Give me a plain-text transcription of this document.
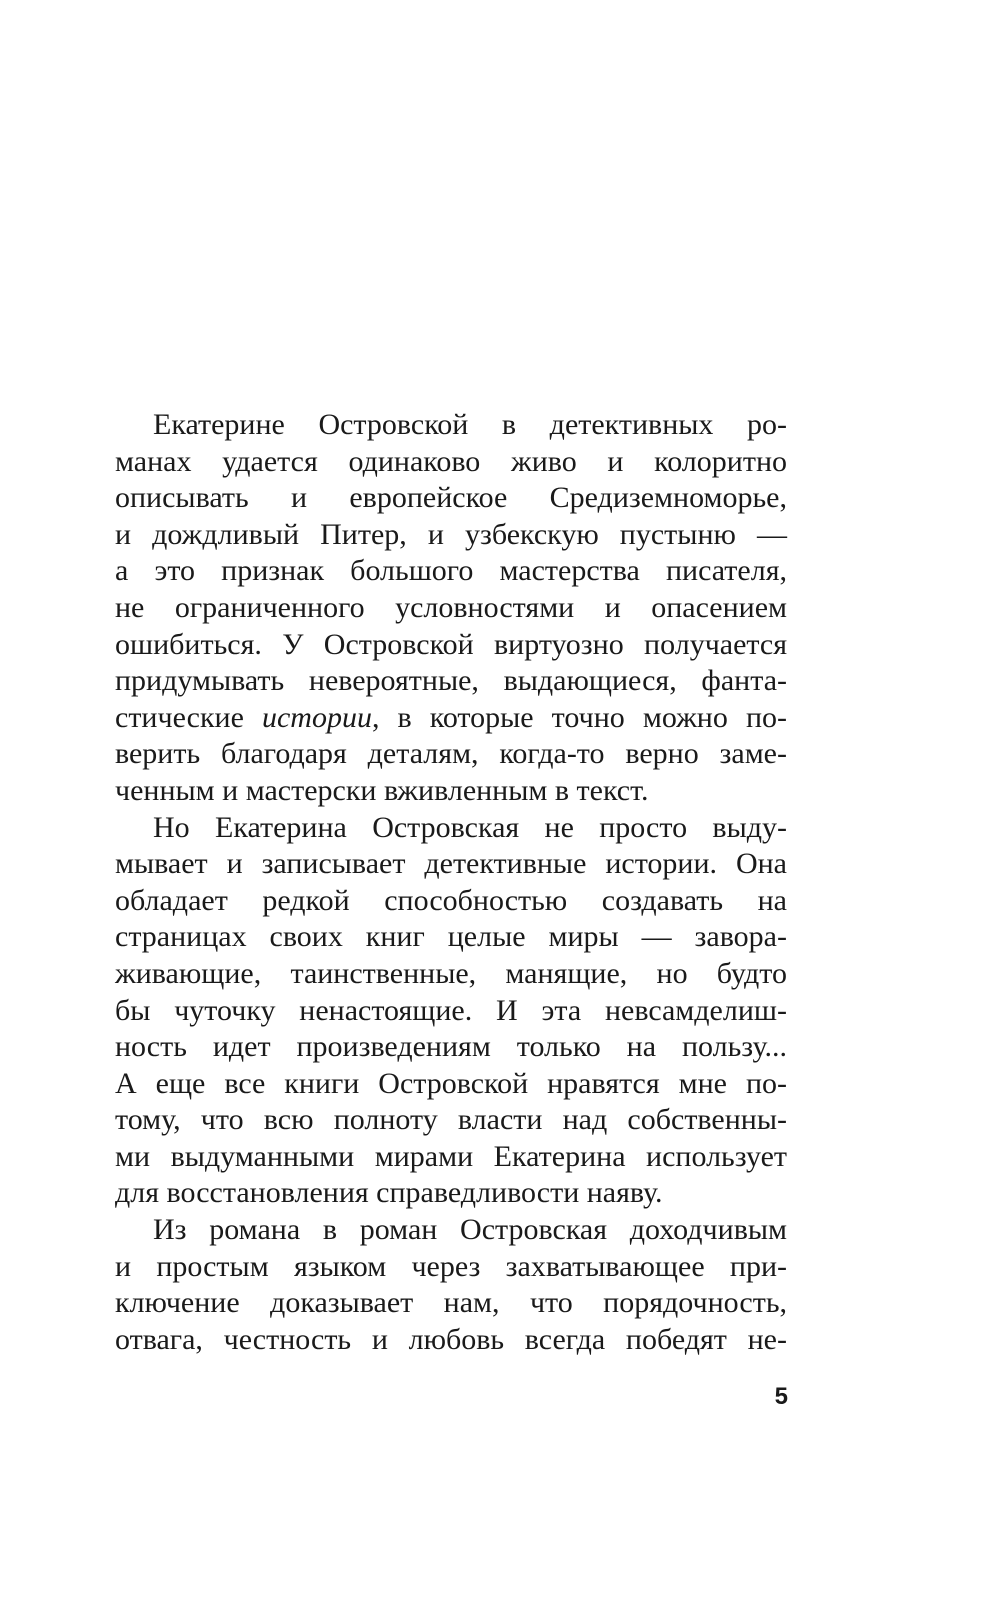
Екатерине Островской в детективных ро-
манах удается одинаково живо и колоритно
описывать и европейское Средиземноморье,
и дождливый Питер, и узбекскую пустыню —
а это признак большого мастерства писателя,
не ограниченного условностями и опасением
ошибиться. У Островской виртуозно получается
придумывать невероятные, выдающиеся, фанта-
стические истории, в которые точно можно по-
верить благодаря деталям, когда-то верно заме-
ченным и мастерски вживленным в текст.
Но Екатерина Островская не просто выду-
мывает и записывает детективные истории. Она
обладает редкой способностью создавать на
страницах своих книг целые миры — завора-
живающие, таинственные, манящие, но будто
бы чуточку ненастоящие. И эта невсамделиш-
ность идет произведениям только на пользу...
А еще все книги Островской нравятся мне по-
тому, что всю полноту власти над собственны-
ми выдуманными мирами Екатерина использует
для восстановления справедливости наяву.
Из романа в роман Островская доходчивым
и простым языком через захватывающее при-
ключение доказывает нам, что порядочность,
отвага, честность и любовь всегда победят не-
5
